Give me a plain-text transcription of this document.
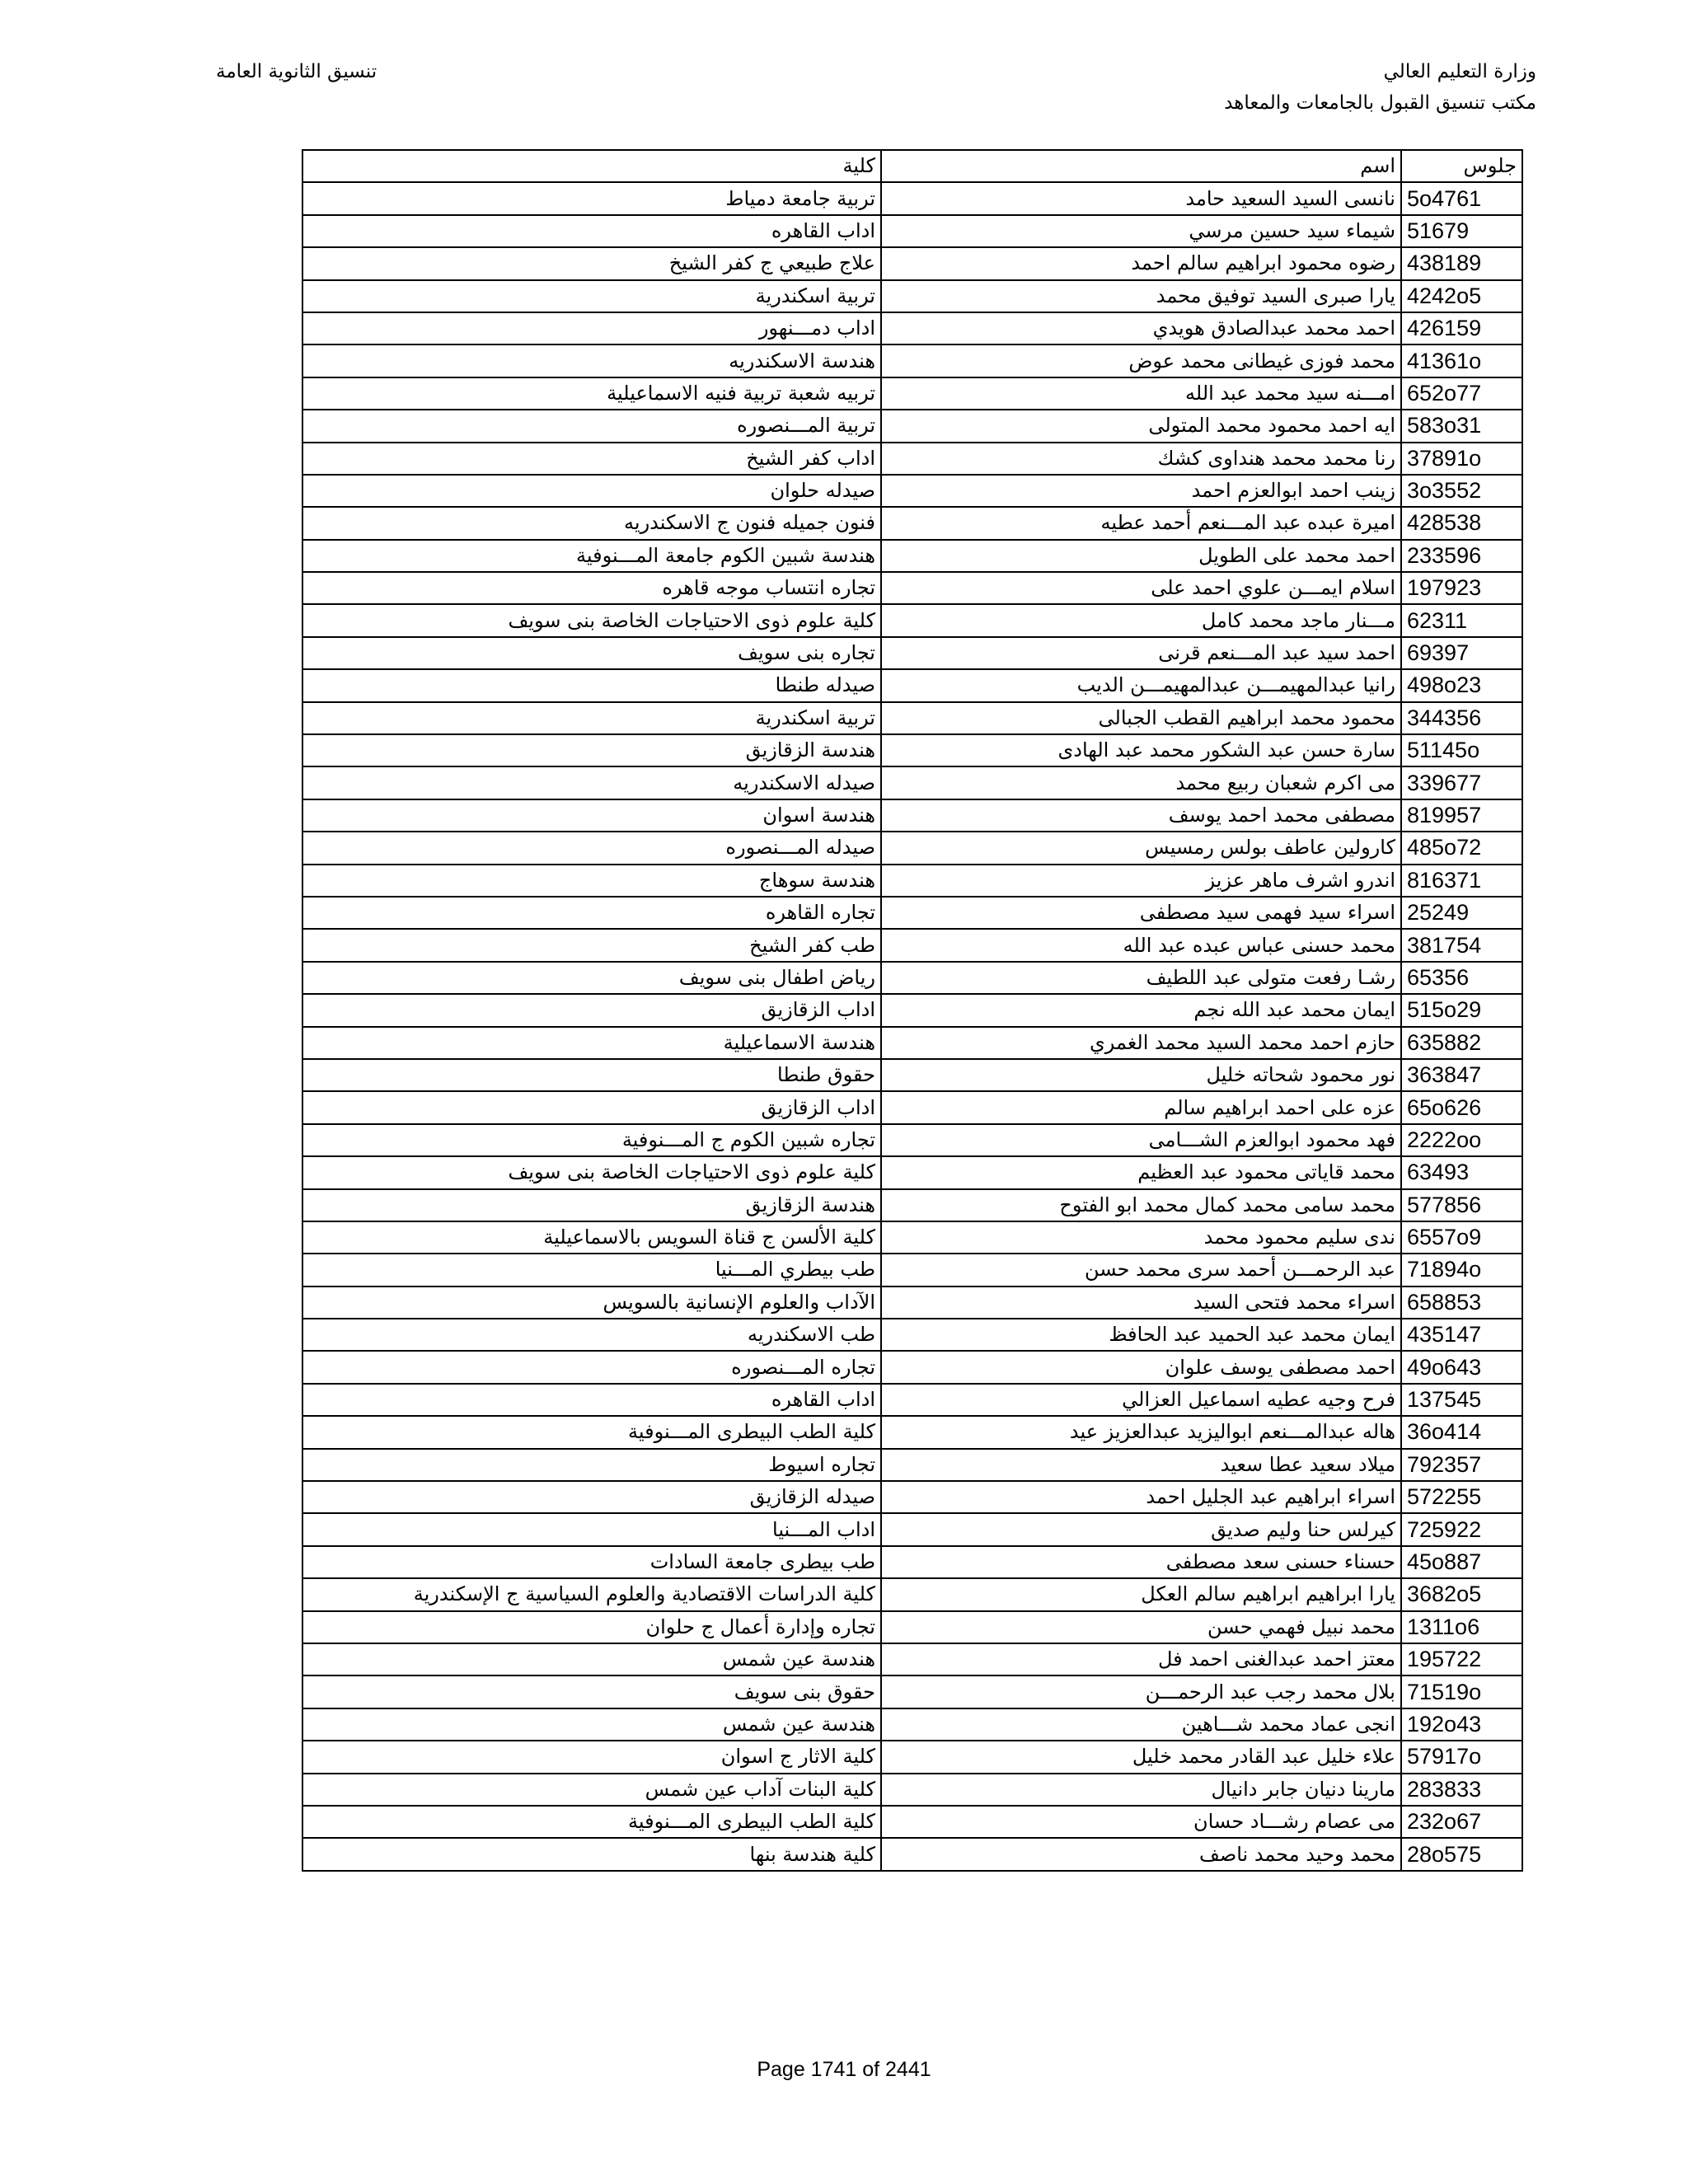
وزارة التعليم العالي
مكتب تنسيق القبول بالجامعات والمعاهد
تنسيق الثانوية العامة
جلوس	اسم	كلية
5o4761	نانسى السيد السعيد حامد	تربية جامعة دمياط
51679	شيماء سيد حسين مرسي	اداب القاهره
438189	رضوه محمود ابراهيم سالم احمد	علاج طبيعي ج كفر الشيخ
4242o5	يارا صبرى السيد توفيق محمد	تربية اسكندرية
426159	احمد محمد عبدالصادق هويدي	اداب دمـــنهور
41361o	محمد فوزى غيطانى محمد عوض	هندسة الاسكندريه
652o77	امـــنه سيد محمد عبد الله	تربيه شعبة تربية فنيه الاسماعيلية
583o31	ايه احمد محمود محمد المتولى	تربية المـــنصوره
37891o	رنا محمد محمد هنداوى كشك	اداب كفر الشيخ
3o3552	زينب احمد ابوالعزم احمد	صيدله حلوان
428538	اميرة عبده عبد المـــنعم أحمد عطيه	فنون جميله فنون ج الاسكندريه
233596	احمد محمد على الطويل	هندسة شبين الكوم جامعة المـــنوفية
197923	اسلام ايمـــن علوي احمد على	تجاره انتساب موجه قاهره
62311	مـــنار ماجد محمد كامل	كلية علوم ذوى الاحتياجات الخاصة بنى سويف
69397	احمد سيد عبد المـــنعم قرنى	تجاره بنى سويف
498o23	رانيا عبدالمهيمـــن عبدالمهيمـــن الديب	صيدله طنطا
344356	محمود محمد ابراهيم القطب الجبالى	تربية اسكندرية
51145o	سارة حسن عبد الشكور محمد عبد الهادى	هندسة الزقازيق
339677	مى اكرم شعبان ربيع محمد	صيدله الاسكندريه
819957	مصطفى محمد احمد يوسف	هندسة اسوان
485o72	كارولين عاطف بولس رمسيس	صيدله المـــنصوره
816371	اندرو اشرف ماهر عزيز	هندسة سوهاج
25249	اسراء سيد فهمى سيد مصطفى	تجاره القاهره
381754	محمد حسنى عباس عبده عبد الله	طب كفر الشيخ
65356	رشـا رفعت متولى عبد اللطيف	رياض اطفال بنى سويف
515o29	ايمان محمد عبد الله نجم	اداب الزقازيق
635882	حازم احمد محمد السيد محمد الغمري	هندسة الاسماعيلية
363847	نور محمود شحاته خليل	حقوق طنطا
65o626	عزه على احمد ابراهيم سالم	اداب الزقازيق
2222oo	فهد محمود ابوالعزم الشـــامى	تجاره شبين الكوم ج المـــنوفية
63493	محمد قاياتى محمود عبد العظيم	كلية علوم ذوى الاحتياجات الخاصة بنى سويف
577856	محمد سامى محمد كمال محمد ابو الفتوح	هندسة الزقازيق
6557o9	ندى سليم محمود محمد	كلية الألسن ج قناة السويس بالاسماعيلية
71894o	عبد الرحمـــن أحمد سرى محمد حسن	طب بيطري المـــنيا
658853	اسراء محمد فتحى السيد	الآداب والعلوم الإنسانية بالسويس
435147	ايمان محمد عبد الحميد عبد الحافظ	طب الاسكندريه
49o643	احمد مصطفى يوسف علوان	تجاره المـــنصوره
137545	فرح وجيه عطيه اسماعيل العزالي	اداب القاهره
36o414	هاله عبدالمـــنعم ابواليزيد عبدالعزيز عيد	كلية الطب البيطرى المـــنوفية
792357	ميلاد سعيد عطا سعيد	تجاره اسيوط
572255	اسراء ابراهيم عبد الجليل احمد	صيدله الزقازيق
725922	كيرلس حنا وليم صديق	اداب المـــنيا
45o887	حسناء حسنى سعد مصطفى	طب بيطرى جامعة السادات
3682o5	يارا ابراهيم ابراهيم سالم العكل	كلية الدراسات الاقتصادية والعلوم السياسية ج الإسكندرية
1311o6	محمد نبيل فهمي حسن	تجاره وإدارة أعمال ج حلوان
195722	معتز احمد عبدالغنى احمد فل	هندسة عين شمس
71519o	بلال محمد رجب عبد الرحمـــن	حقوق بنى سويف
192o43	انجى عماد محمد شـــاهين	هندسة عين شمس
57917o	علاء خليل عبد القادر محمد خليل	كلية الاثار ج اسوان
283833	مارينا دنيان جابر دانيال	كلية البنات آداب عين شمس
232o67	مى عصام رشـــاد حسان	كلية الطب البيطرى المـــنوفية
28o575	محمد وحيد محمد ناصف	كلية هندسة بنها
Page 1741 of 2441
